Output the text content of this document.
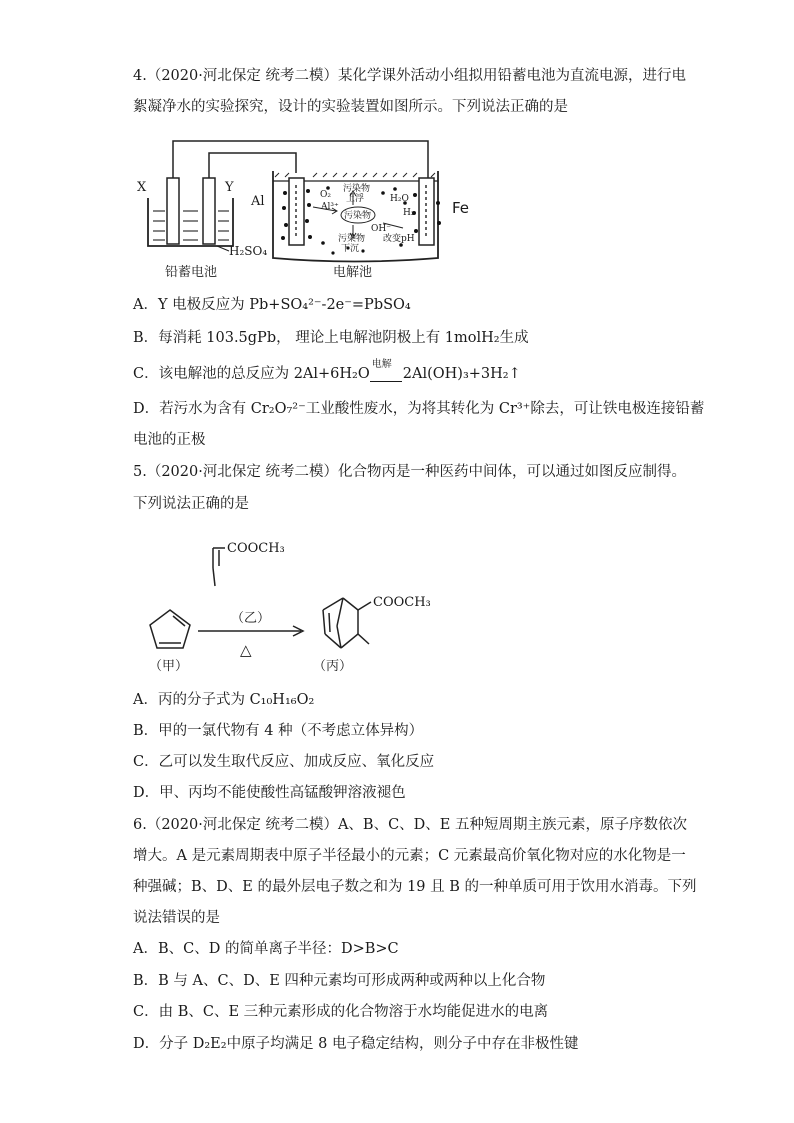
4.（2020·河北保定 统考二模）某化学课外活动小组拟用铅蓄电池为直流电源，进行电
絮凝净水的实验探究，设计的实验装置如图所示。下列说法正确的是
X	Y
H₂SO₄
铅蓄电池
Al	Fe
污染物
上浮
O₂
Al³⁺
污染物
OH⁻
污染物
下沉
H₂O
H₂
改变pH
电解池
A．Y 电极反应为 Pb+SO₄²⁻-2e⁻=PbSO₄
B．每消耗 103.5gPb， 理论上电解池阴极上有 1molH₂生成
C．该电解池的总反应为 2Al+6H₂O
电解
2Al(OH)₃+3H₂↑
D．若污水为含有 Cr₂O₇²⁻工业酸性废水，为将其转化为 Cr³⁺除去，可让铁电极连接铅蓄
电池的正极
5.（2020·河北保定 统考二模）化合物丙是一种医药中间体，可以通过如图反应制得。
下列说法正确的是
COOCH₃
（乙）
（甲）
△
COOCH₃
（丙）
A．丙的分子式为 C₁₀H₁₆O₂
B．甲的一氯代物有 4 种（不考虑立体异构）
C．乙可以发生取代反应、加成反应、氧化反应
D．甲、丙均不能使酸性高锰酸钾溶液褪色
6.（2020·河北保定 统考二模）A、B、C、D、E 五种短周期主族元素，原子序数依次
增大。A 是元素周期表中原子半径最小的元素；C 元素最高价氧化物对应的水化物是一
种强碱；B、D、E 的最外层电子数之和为 19 且 B 的一种单质可用于饮用水消毒。下列
说法错误的是
A．B、C、D 的简单离子半径：D>B>C
B．B 与 A、C、D、E 四种元素均可形成两种或两种以上化合物
C．由 B、C、E 三种元素形成的化合物溶于水均能促进水的电离
D．分子 D₂E₂中原子均满足 8 电子稳定结构，则分子中存在非极性键
